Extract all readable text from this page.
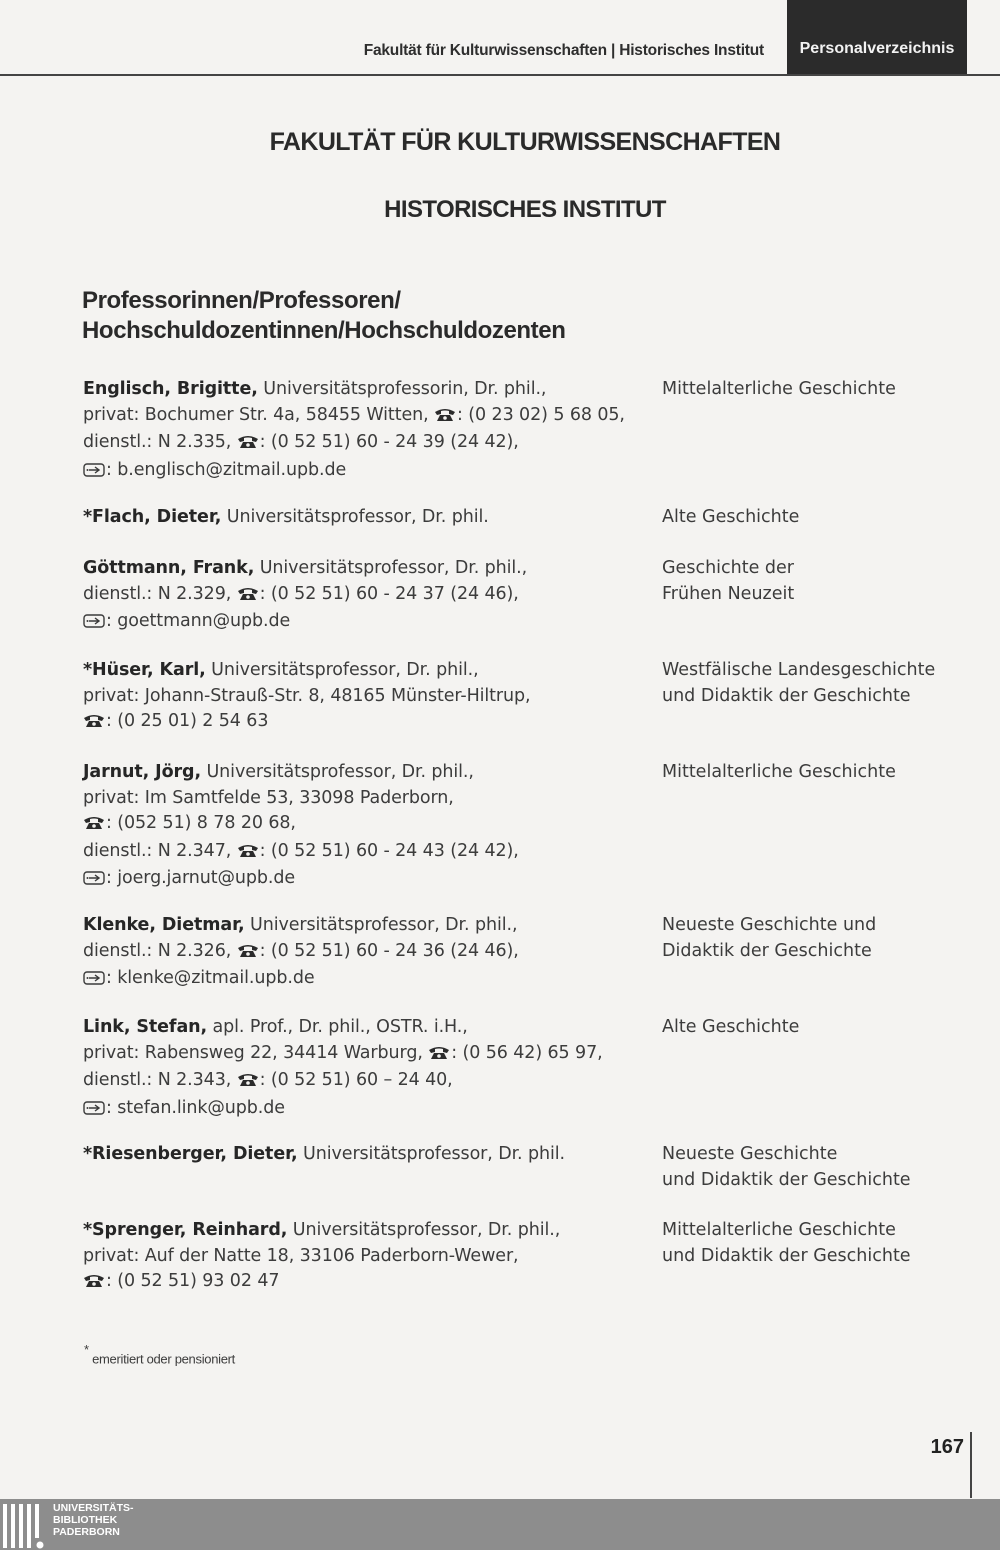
Fakultät für Kulturwissenschaften | Historisches Institut Personalverzeichnis
FAKULTÄT FÜR KULTURWISSENSCHAFTEN
HISTORISCHES INSTITUT
Professorinnen/Professoren/
Hochschuldozentinnen/Hochschuldozenten
Englisch, Brigitte, Universitätsprofessorin, Dr. phil.,
privat: Bochumer Str. 4a, 58455 Witten, : (0 23 02) 5 68 05,
dienstl.: N 2.335, : (0 52 51) 60 - 24 39 (24 42),
: b.englisch@zitmail.upb.de
Mittelalterliche Geschichte
*Flach, Dieter, Universitätsprofessor, Dr. phil.	Alte Geschichte
Göttmann, Frank, Universitätsprofessor, Dr. phil.,
dienstl.: N 2.329, : (0 52 51) 60 - 24 37 (24 46),
: goettmann@upb.de
Geschichte der
Frühen Neuzeit
*Hüser, Karl, Universitätsprofessor, Dr. phil.,
privat: Johann-Strauß-Str. 8, 48165 Münster-Hiltrup,
: (0 25 01) 2 54 63
Westfälische Landesgeschichte
und Didaktik der Geschichte
Jarnut, Jörg, Universitätsprofessor, Dr. phil.,
privat: Im Samtfelde 53, 33098 Paderborn,
: (052 51) 8 78 20 68,
dienstl.: N 2.347, : (0 52 51) 60 - 24 43 (24 42),
: joerg.jarnut@upb.de
Mittelalterliche Geschichte
Klenke, Dietmar, Universitätsprofessor, Dr. phil.,
dienstl.: N 2.326, : (0 52 51) 60 - 24 36 (24 46),
: klenke@zitmail.upb.de
Neueste Geschichte und
Didaktik der Geschichte
Link, Stefan, apl. Prof., Dr. phil., OSTR. i.H.,
privat: Rabensweg 22, 34414 Warburg, : (0 56 42) 65 97,
dienstl.: N 2.343, : (0 52 51) 60 – 24 40,
: stefan.link@upb.de
Alte Geschichte
*Riesenberger, Dieter, Universitätsprofessor, Dr. phil.	Neueste Geschichte
und Didaktik der Geschichte
*Sprenger, Reinhard, Universitätsprofessor, Dr. phil.,
privat: Auf der Natte 18, 33106 Paderborn-Wewer,
: (0 52 51) 93 02 47
Mittelalterliche Geschichte
und Didaktik der Geschichte
* emeritiert oder pensioniert
167
UNIVERSITÄTS-
BIBLIOTHEK
PADERBORN
